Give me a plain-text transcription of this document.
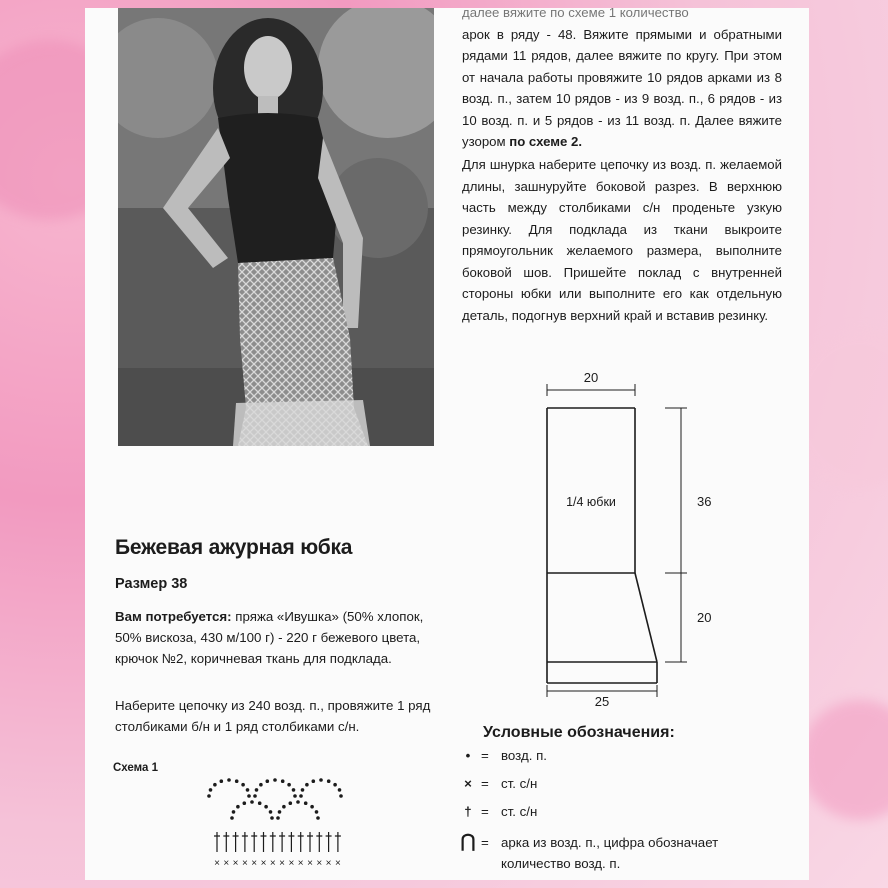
далее вяжите по схеме 1 количество
арок в ряду - 48. Вяжите прямыми и обратными рядами 11 рядов, далее вяжите по кругу. При этом от начала работы провяжите 10 рядов арками из 8 возд. п., затем 10 рядов - из 9 возд. п., 6 рядов - из 10 возд. п. и 5 рядов - из 11 возд. п. Далее вяжите узором по схеме 2.
Для шнурка наберите цепочку из возд. п. желаемой длины, зашнуруйте боковой разрез. В верхнюю часть между столбиками с/н проденьте узкую резинку. Для подклада из ткани выкроите прямоугольник желаемого размера, выполните боковой шов. Пришейте поклад с внутренней стороны юбки или выполните его как отдельную деталь, подогнув верхний край и вставив резинку.
20
1/4 юбки	36
20
25
Бежевая ажурная юбка
Размер 38
Вам потребуется: пряжа «Ивушка» (50% хлопок, 50% вискоза, 430 м/100 г) - 220 г бежевого цвета, крючок №2, коричневая ткань для подклада.
Наберите цепочку из 240 возд. п., провяжите 1 ряд столбиками б/н и 1 ряд столбиками с/н.
Схема 1
× × × × × × × × × × × × × ×
Условные обозначения:
• = возд. п.
× = ст. с/н
† = ст. с/н
⋂ = арка из возд. п., цифра обозначает количество возд. п.
